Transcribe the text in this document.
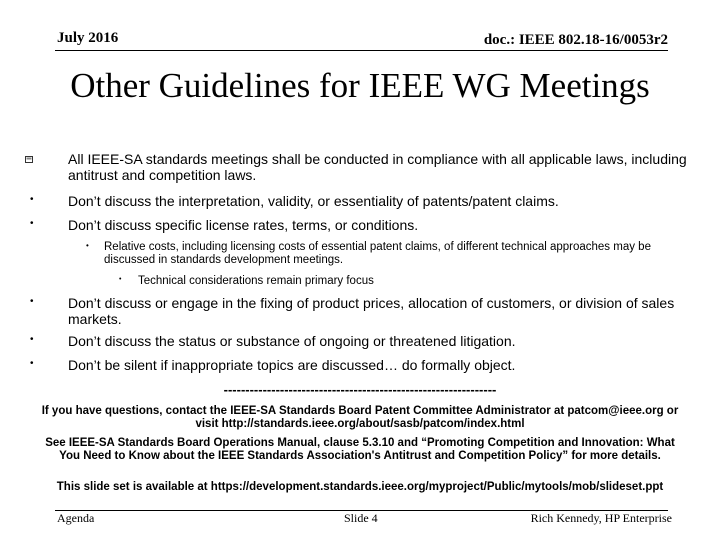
July 2016	doc.: IEEE 802.18-16/0053r2
Other Guidelines for IEEE WG Meetings
All IEEE-SA standards meetings shall be conducted in compliance with all applicable laws, including antitrust and competition laws.
• Don’t discuss the interpretation, validity, or essentiality of patents/patent claims.
• Don’t discuss specific license rates, terms, or conditions.
• Relative costs, including licensing costs of essential patent claims, of different technical approaches may be discussed in standards development meetings.
• Technical considerations remain primary focus
• Don’t discuss or engage in the fixing of product prices, allocation of customers, or division of sales markets.
• Don’t discuss the status or substance of ongoing or threatened litigation.
• Don’t be silent if inappropriate topics are discussed… do formally object.
---------------------------------------------------------------
If you have questions, contact the IEEE-SA Standards Board Patent Committee Administrator at patcom@ieee.org or visit http://standards.ieee.org/about/sasb/patcom/index.html
See IEEE-SA Standards Board Operations Manual, clause 5.3.10 and “Promoting Competition and Innovation: What You Need to Know about the IEEE Standards Association's Antitrust and Competition Policy” for more details.
This slide set is available at https://development.standards.ieee.org/myproject/Public/mytools/mob/slideset.ppt
Agenda	Slide 4	Rich Kennedy, HP Enterprise
